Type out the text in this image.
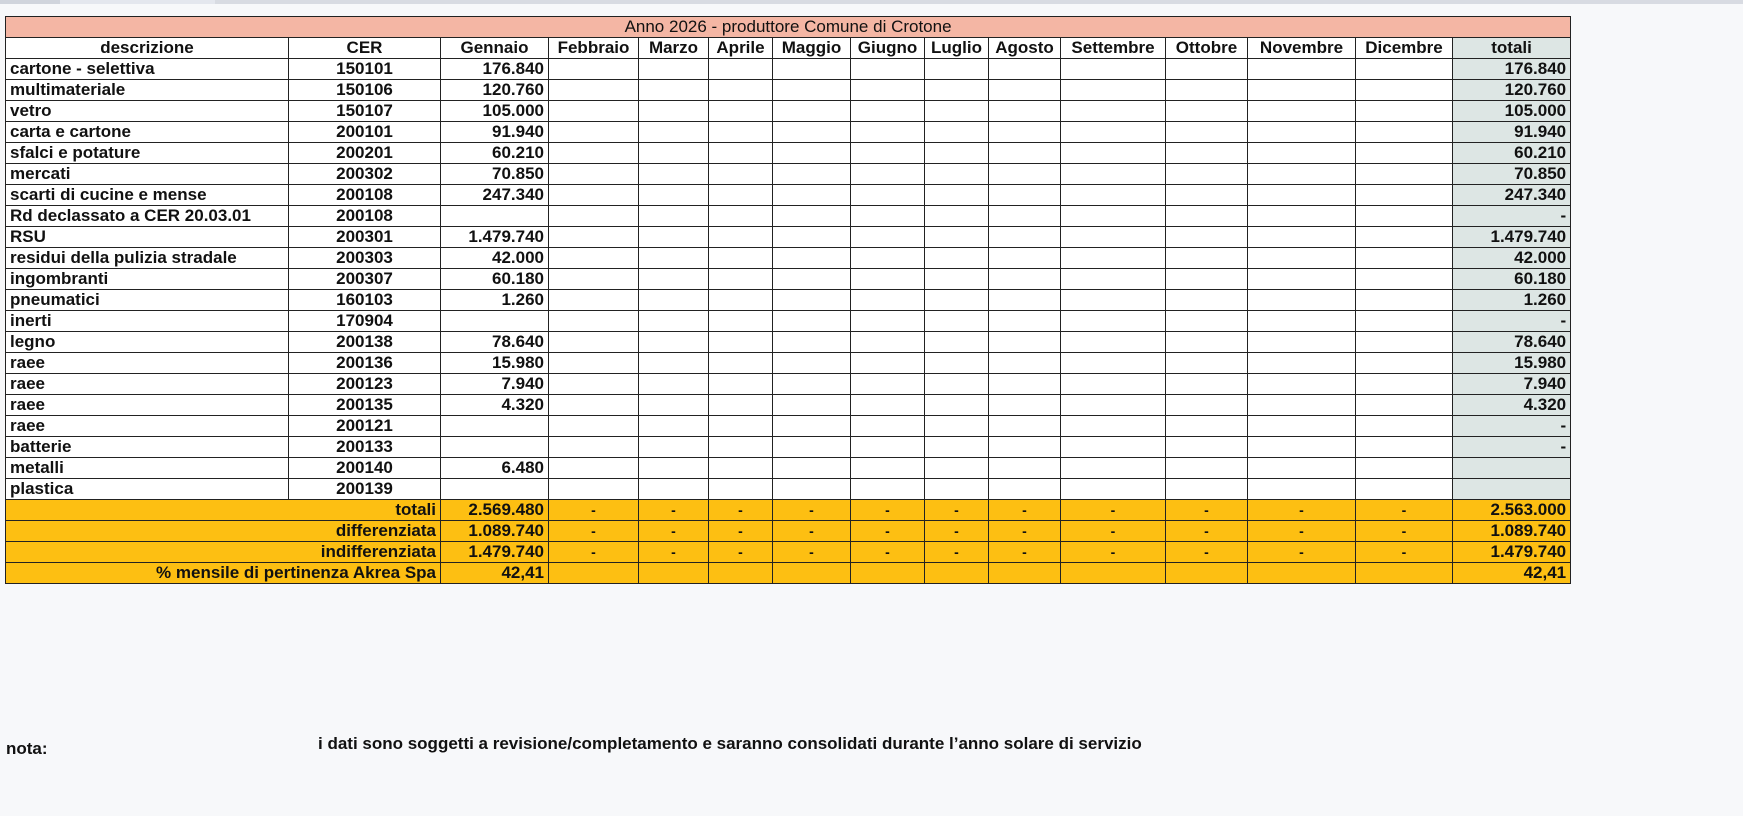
Anno 2026 - produttore Comune di Crotone														
descrizione	CER	Gennaio	Febbraio	Marzo	Aprile	Maggio	Giugno	Luglio	Agosto	Settembre	Ottobre	Novembre	Dicembre	totali
cartone - selettiva	150101	176.840												176.840
multimateriale	150106	120.760												120.760
vetro	150107	105.000												105.000
carta e cartone	200101	91.940												91.940
sfalci e potature	200201	60.210												60.210
mercati	200302	70.850												70.850
scarti di cucine e mense	200108	247.340												247.340
Rd declassato a CER 20.03.01	200108													-
RSU	200301	1.479.740												1.479.740
residui della pulizia stradale	200303	42.000												42.000
ingombranti	200307	60.180												60.180
pneumatici	160103	1.260												1.260
inerti	170904													-
legno	200138	78.640												78.640
raee	200136	15.980												15.980
raee	200123	7.940												7.940
raee	200135	4.320												4.320
raee	200121													-
batterie	200133													-
metalli	200140	6.480												
plastica	200139													
totali		2.569.480	-	-	-	-	-	-	-	-	-	-	-	2.563.000
differenziata		1.089.740	-	-	-	-	-	-	-	-	-	-	-	1.089.740
indifferenziata		1.479.740	-	-	-	-	-	-	-	-	-	-	-	1.479.740
% mensile di pertinenza Akrea Spa		42,41												42,41
nota:	i dati sono soggetti a revisione/completamento e saranno consolidati durante l’anno solare di servizio
